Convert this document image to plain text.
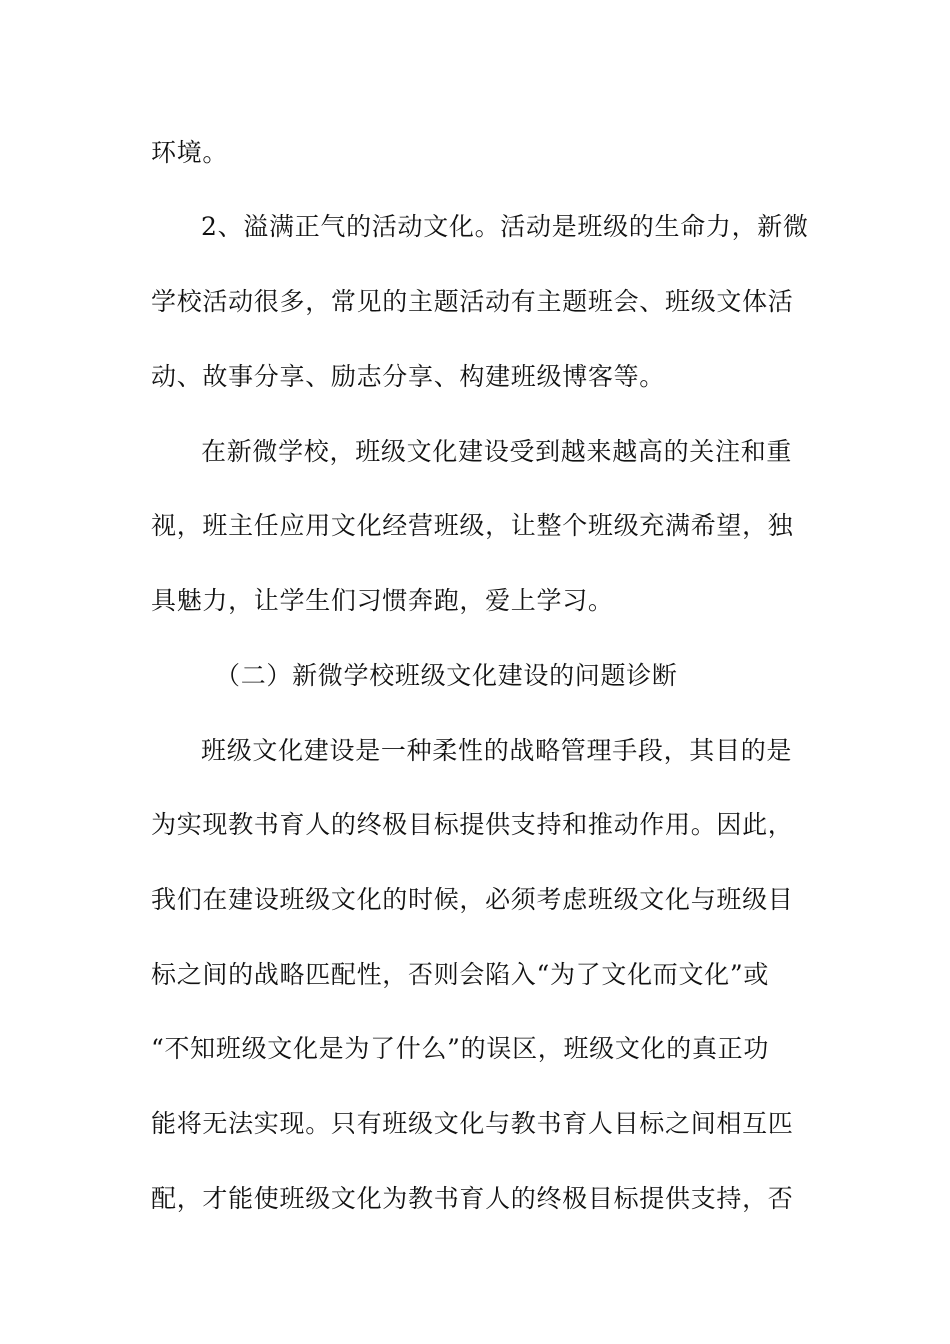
环境。
2、溢满正气的活动文化。活动是班级的生命力，新微
学校活动很多，常见的主题活动有主题班会、班级文体活
动、故事分享、励志分享、构建班级博客等。
在新微学校，班级文化建设受到越来越高的关注和重
视，班主任应用文化经营班级，让整个班级充满希望，独
具魅力，让学生们习惯奔跑，爱上学习。
（二）新微学校班级文化建设的问题诊断
班级文化建设是一种柔性的战略管理手段，其目的是
为实现教书育人的终极目标提供支持和推动作用。因此，
我们在建设班级文化的时候，必须考虑班级文化与班级目
标之间的战略匹配性，否则会陷入“为了文化而文化”或
“不知班级文化是为了什么”的误区，班级文化的真正功
能将无法实现。只有班级文化与教书育人目标之间相互匹
配，才能使班级文化为教书育人的终极目标提供支持，否
